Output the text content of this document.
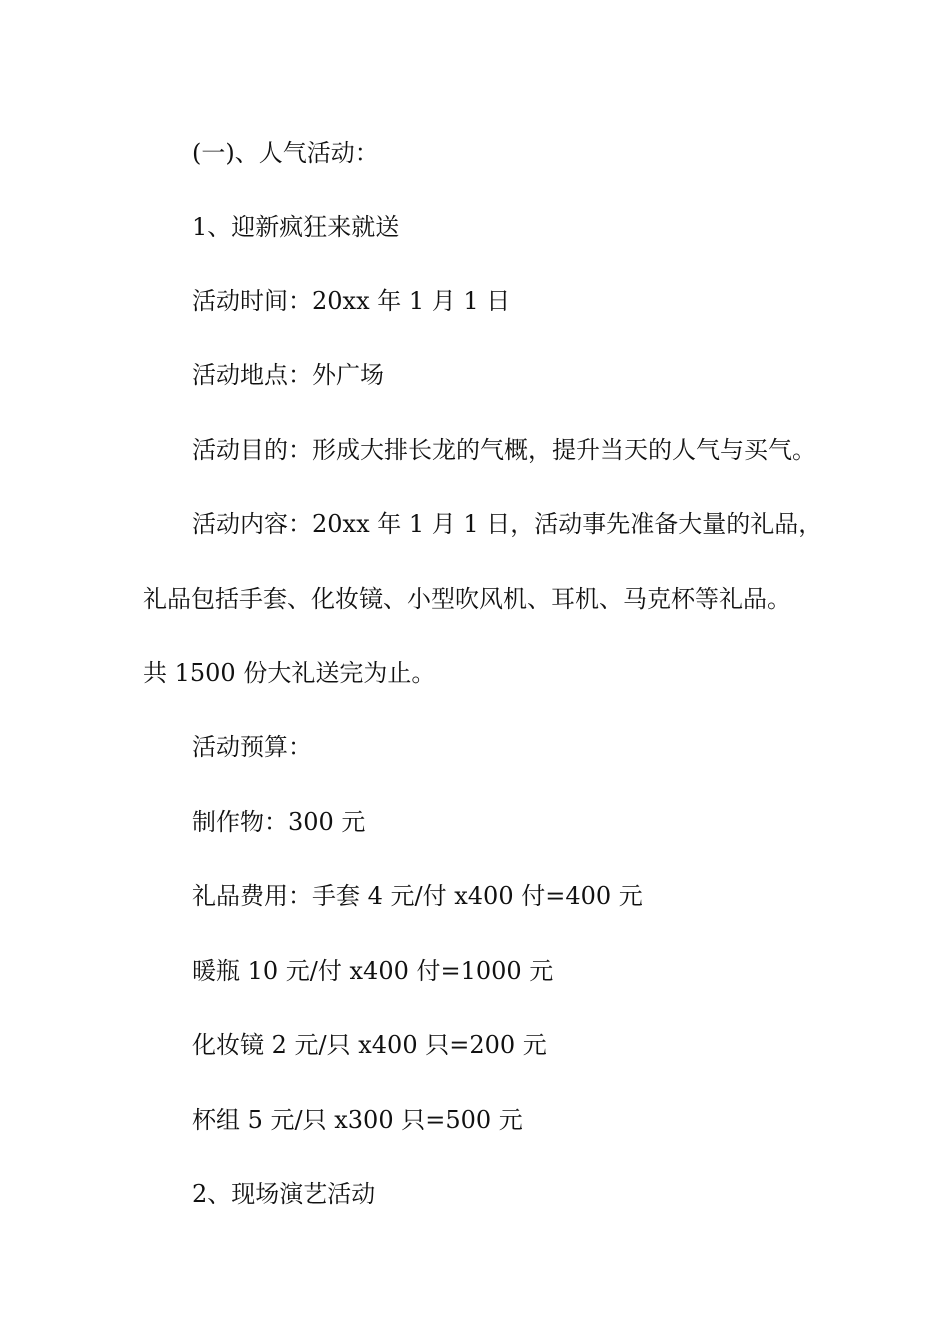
(一)、人气活动：
1、迎新疯狂来就送
活动时间：20xx 年 1 月 1 日
活动地点：外广场
活动目的：形成大排长龙的气概，提升当天的人气与买气。
活动内容：20xx 年 1 月 1 日，活动事先准备大量的礼品，
礼品包括手套、化妆镜、小型吹风机、耳机、马克杯等礼品。
共 1500 份大礼送完为止。
活动预算：
制作物：300 元
礼品费用：手套 4 元/付 x400 付=400 元
暖瓶 10 元/付 x400 付=1000 元
化妆镜 2 元/只 x400 只=200 元
杯组 5 元/只 x300 只=500 元
2、现场演艺活动
